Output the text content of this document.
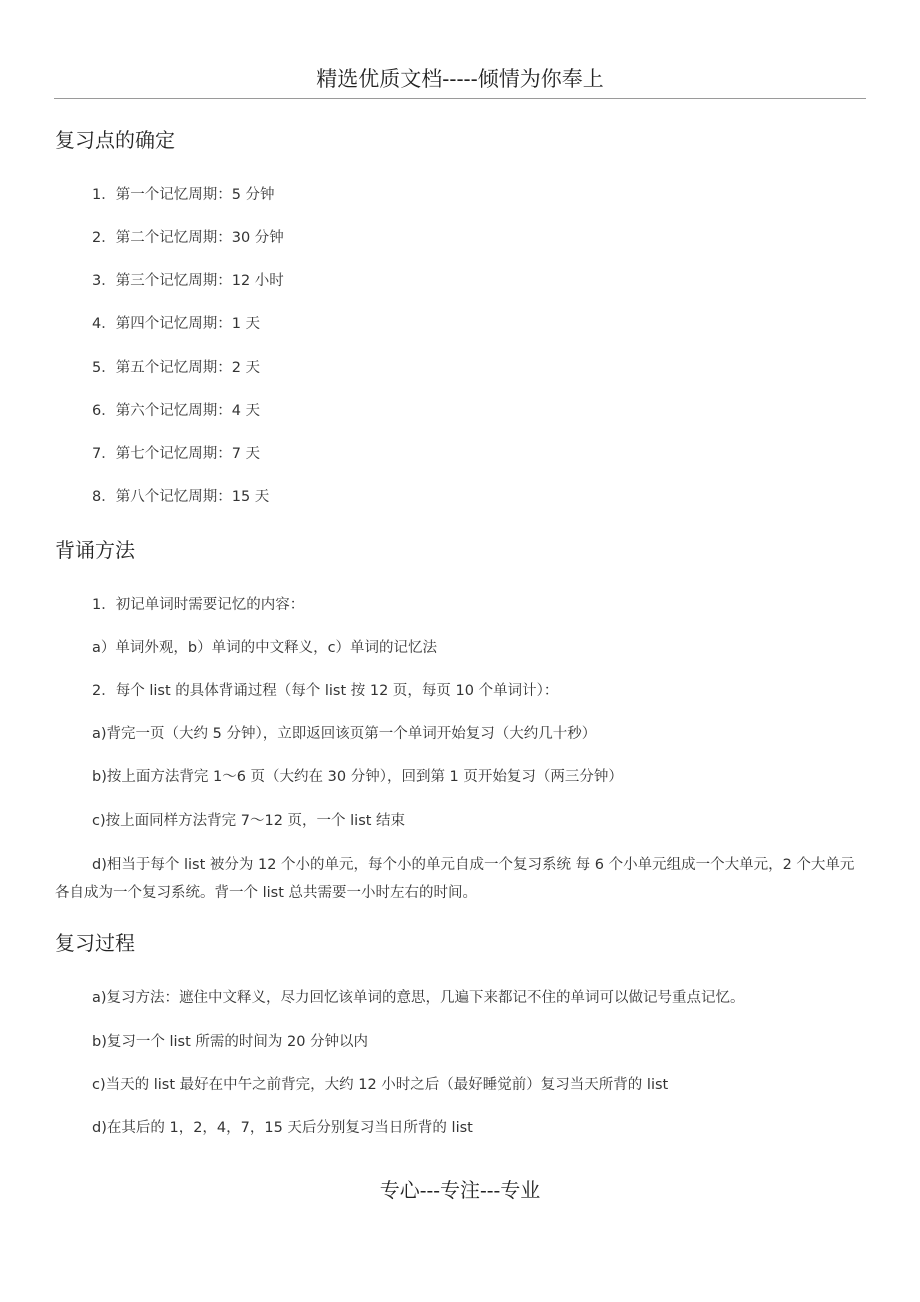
精选优质文档-----倾情为你奉上
复习点的确定
1．第一个记忆周期：5 分钟
2．第二个记忆周期：30 分钟
3．第三个记忆周期：12 小时
4．第四个记忆周期：1 天
5．第五个记忆周期：2 天
6．第六个记忆周期：4 天
7．第七个记忆周期：7 天
8．第八个记忆周期：15 天
背诵方法
1．初记单词时需要记忆的内容：
a）单词外观，b）单词的中文释义，c）单词的记忆法
2．每个 list 的具体背诵过程（每个 list 按 12 页，每页 10 个单词计）：
a)背完一页（大约 5 分钟），立即返回该页第一个单词开始复习（大约几十秒）
b)按上面方法背完 1～6 页（大约在 30 分钟），回到第 1 页开始复习（两三分钟）
c)按上面同样方法背完 7～12 页，一个 list 结束
d)相当于每个 list 被分为 12 个小的单元，每个小的单元自成一个复习系统 每 6 个小单元组成一个大单元，2 个大单元各自成为一个复习系统。背一个 list 总共需要一小时左右的时间。
复习过程
a)复习方法：遮住中文释义，尽力回忆该单词的意思，几遍下来都记不住的单词可以做记号重点记忆。
b)复习一个 list 所需的时间为 20 分钟以内
c)当天的 list 最好在中午之前背完，大约 12 小时之后（最好睡觉前）复习当天所背的 list
d)在其后的 1，2，4，7，15 天后分别复习当日所背的 list
专心---专注---专业
